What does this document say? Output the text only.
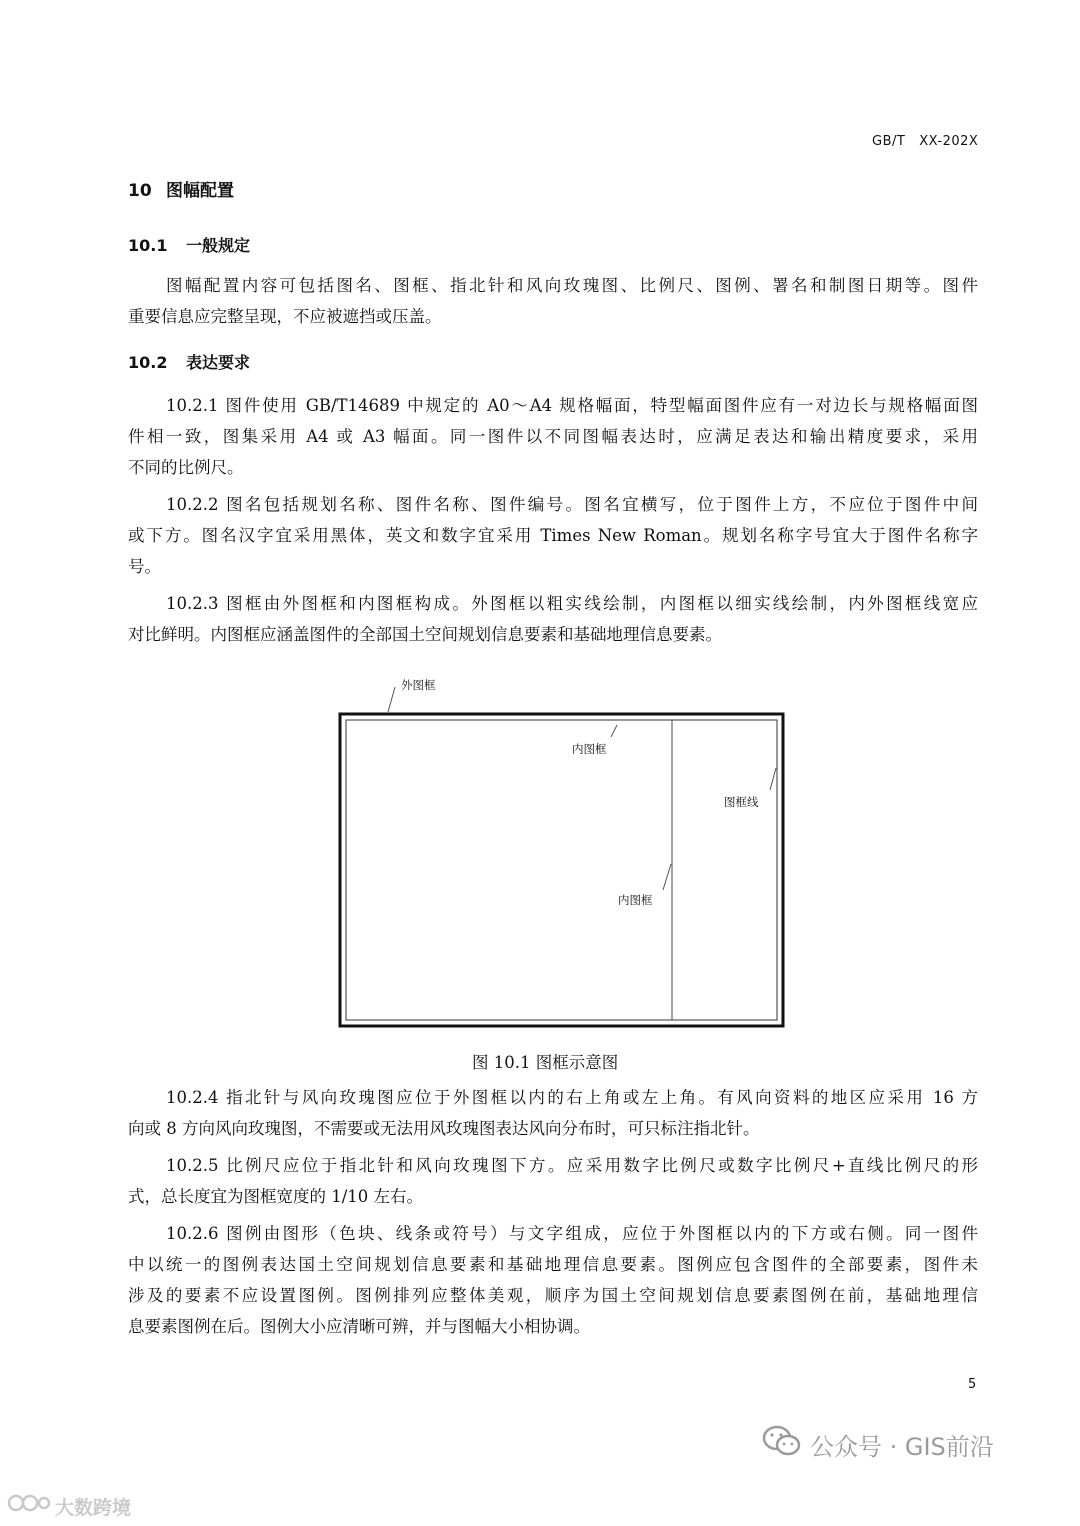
GB/T XX-202X
10 图幅配置
10.1 一般规定
图幅配置内容可包括图名、图框、指北针和风向玫瑰图、比例尺、图例、署名和制图日期等。图件
重要信息应完整呈现，不应被遮挡或压盖。
10.2 表达要求
10.2.1 图件使用 GB/T14689 中规定的 A0～A4 规格幅面，特型幅面图件应有一对边长与规格幅面图
件相一致，图集采用 A4 或 A3 幅面。同一图件以不同图幅表达时，应满足表达和输出精度要求，采用
不同的比例尺。
10.2.2 图名包括规划名称、图件名称、图件编号。图名宜横写，位于图件上方，不应位于图件中间
或下方。图名汉字宜采用黑体，英文和数字宜采用 Times New Roman。规划名称字号宜大于图件名称字
号。
10.2.3 图框由外图框和内图框构成。外图框以粗实线绘制，内图框以细实线绘制，内外图框线宽应
对比鲜明。内图框应涵盖图件的全部国土空间规划信息要素和基础地理信息要素。
外图框
内图框
图框线
内图框
图 10.1 图框示意图
10.2.4 指北针与风向玫瑰图应位于外图框以内的右上角或左上角。有风向资料的地区应采用 16 方
向或 8 方向风向玫瑰图，不需要或无法用风玫瑰图表达风向分布时，可只标注指北针。
10.2.5 比例尺应位于指北针和风向玫瑰图下方。应采用数字比例尺或数字比例尺+直线比例尺的形
式，总长度宜为图框宽度的 1/10 左右。
10.2.6 图例由图形（色块、线条或符号）与文字组成，应位于外图框以内的下方或右侧。同一图件
中以统一的图例表达国土空间规划信息要素和基础地理信息要素。图例应包含图件的全部要素，图件未
涉及的要素不应设置图例。图例排列应整体美观，顺序为国土空间规划信息要素图例在前，基础地理信
息要素图例在后。图例大小应清晰可辨，并与图幅大小相协调。
5
公众号 · GIS前沿
大数跨境
